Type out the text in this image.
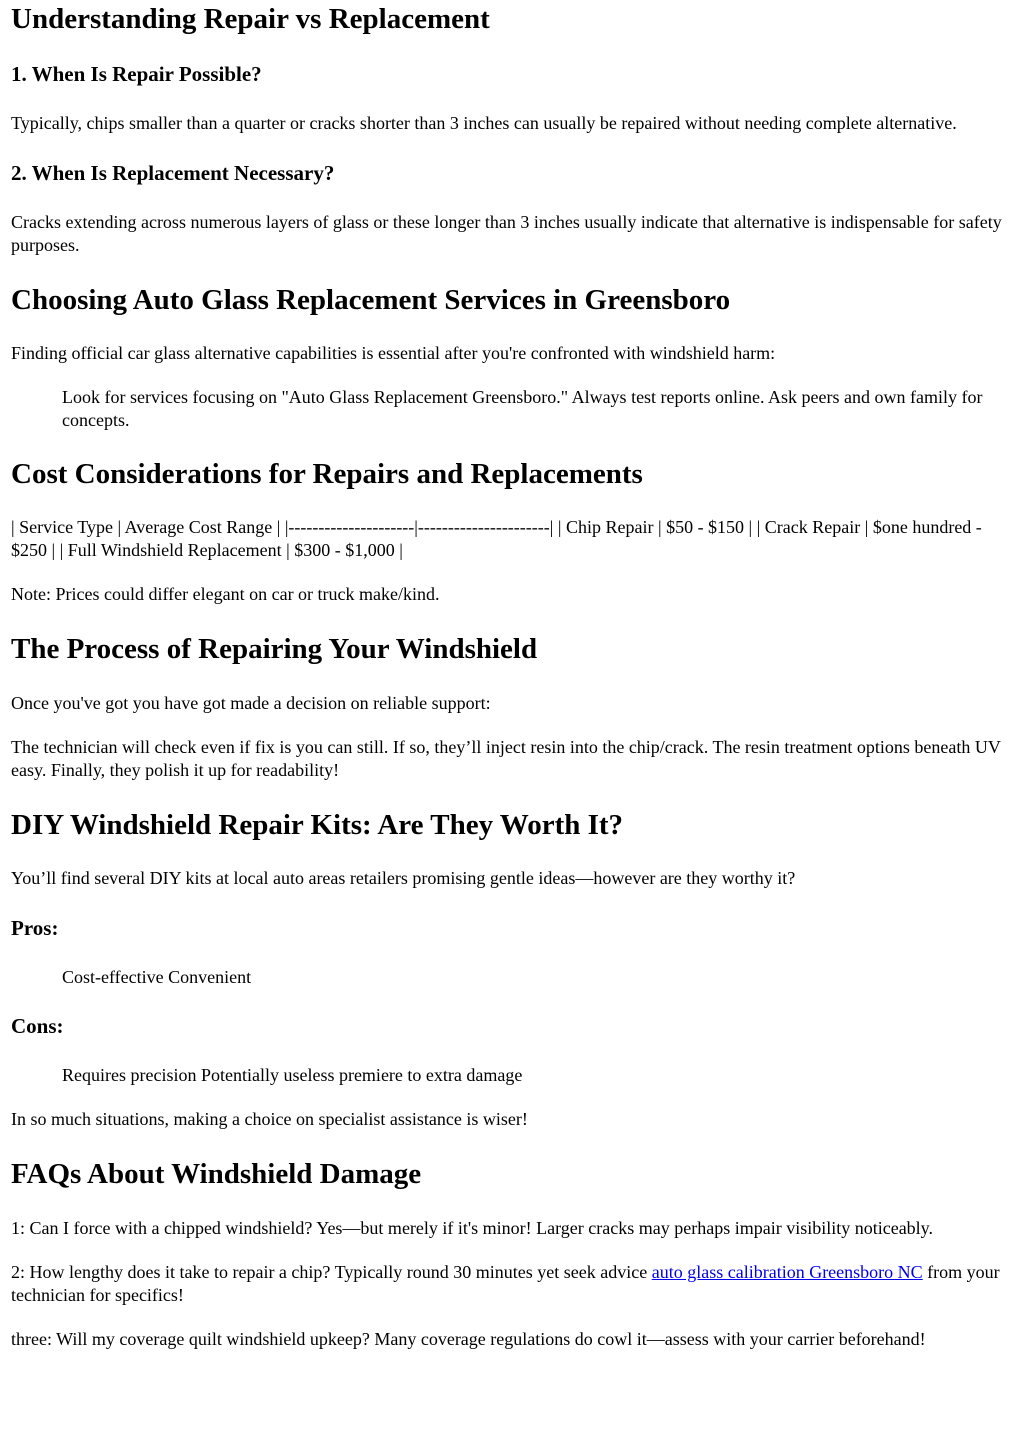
Understanding Repair vs Replacement
1. When Is Repair Possible?

Typically, chips smaller than a quarter or cracks shorter than 3 inches can usually be repaired without needing complete alternative.

2. When Is Replacement Necessary?

Cracks extending across numerous layers of glass or these longer than 3 inches usually indicate that alternative is indispensable for safety purposes.

Choosing Auto Glass Replacement Services in Greensboro

Finding official car glass alternative capabilities is essential after you're confronted with windshield harm:

Look for services focusing on "Auto Glass Replacement Greensboro." Always test reports online. Ask peers and own family for concepts.

Cost Considerations for Repairs and Replacements

| Service Type | Average Cost Range | |---------------------|----------------------| | Chip Repair | $50 - $150 | | Crack Repair | $one hundred - $250 | | Full Windshield Replacement | $300 - $1,000 |

Note: Prices could differ elegant on car or truck make/kind.

The Process of Repairing Your Windshield

Once you've got you have got made a decision on reliable support:

The technician will check even if fix is you can still. If so, they’ll inject resin into the chip/crack. The resin treatment options beneath UV easy. Finally, they polish it up for readability!

DIY Windshield Repair Kits: Are They Worth It?

You’ll find several DIY kits at local auto areas retailers promising gentle ideas—however are they worthy it?

Pros:

Cost-effective Convenient

Cons:

Requires precision Potentially useless premiere to extra damage

In so much situations, making a choice on specialist assistance is wiser!

FAQs About Windshield Damage

1: Can I force with a chipped windshield? Yes—but merely if it's minor! Larger cracks may perhaps impair visibility noticeably.

2: How lengthy does it take to repair a chip? Typically round 30 minutes yet seek advice auto glass calibration Greensboro NC from your technician for specifics!

three: Will my coverage quilt windshield upkeep? Many coverage regulations do cowl it—assess with your carrier beforehand!
